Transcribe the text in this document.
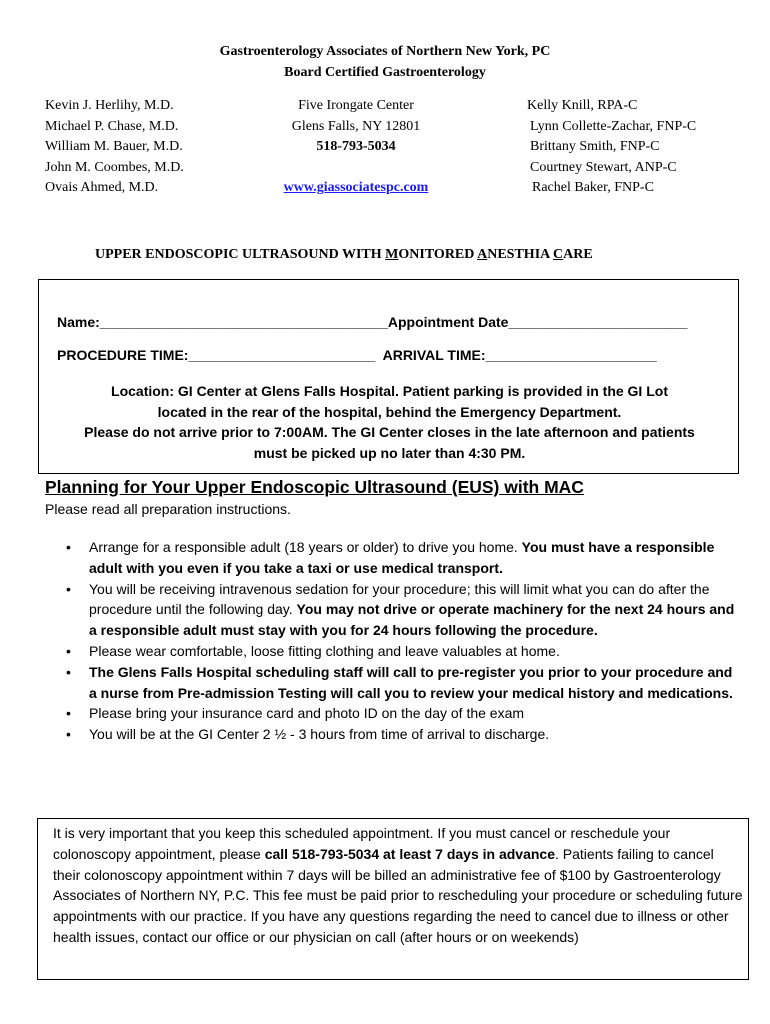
Gastroenterology Associates of Northern New York, PC
Board Certified Gastroenterology
Kevin J. Herlihy, M.D.
Michael P. Chase, M.D.
William M. Bauer, M.D.
John M. Coombes, M.D.
Ovais Ahmed, M.D.
Five Irongate Center
Glens Falls, NY 12801
518-793-5034
www.giassociatespc.com
Kelly Knill, RPA-C
Lynn Collette-Zachar, FNP-C
Brittany Smith, FNP-C
Courtney Stewart, ANP-C
Rachel Baker, FNP-C
UPPER ENDOSCOPIC ULTRASOUND WITH MONITORED ANESTHIA CARE
Name:_____________________________________Appointment Date_______________________
PROCEDURE TIME:________________________ ARRIVAL TIME:______________________
Location: GI Center at Glens Falls Hospital. Patient parking is provided in the GI Lot
located in the rear of the hospital, behind the Emergency Department.
Please do not arrive prior to 7:00AM. The GI Center closes in the late afternoon and patients
must be picked up no later than 4:30 PM.
Planning for Your Upper Endoscopic Ultrasound (EUS) with MAC
Please read all preparation instructions.
• Arrange for a responsible adult (18 years or older) to drive you home. You must have a responsible adult with you even if you take a taxi or use medical transport.
• You will be receiving intravenous sedation for your procedure; this will limit what you can do after the procedure until the following day. You may not drive or operate machinery for the next 24 hours and a responsible adult must stay with you for 24 hours following the procedure.
• Please wear comfortable, loose fitting clothing and leave valuables at home.
• The Glens Falls Hospital scheduling staff will call to pre-register you prior to your procedure and a nurse from Pre-admission Testing will call you to review your medical history and medications.
• Please bring your insurance card and photo ID on the day of the exam
• You will be at the GI Center 2 ½ - 3 hours from time of arrival to discharge.

It is very important that you keep this scheduled appointment. If you must cancel or reschedule your colonoscopy appointment, please call 518-793-5034 at least 7 days in advance. Patients failing to cancel their colonoscopy appointment within 7 days will be billed an administrative fee of $100 by Gastroenterology Associates of Northern NY, P.C. This fee must be paid prior to rescheduling your procedure or scheduling future appointments with our practice. If you have any questions regarding the need to cancel due to illness or other health issues, contact our office or our physician on call (after hours or on weekends)
